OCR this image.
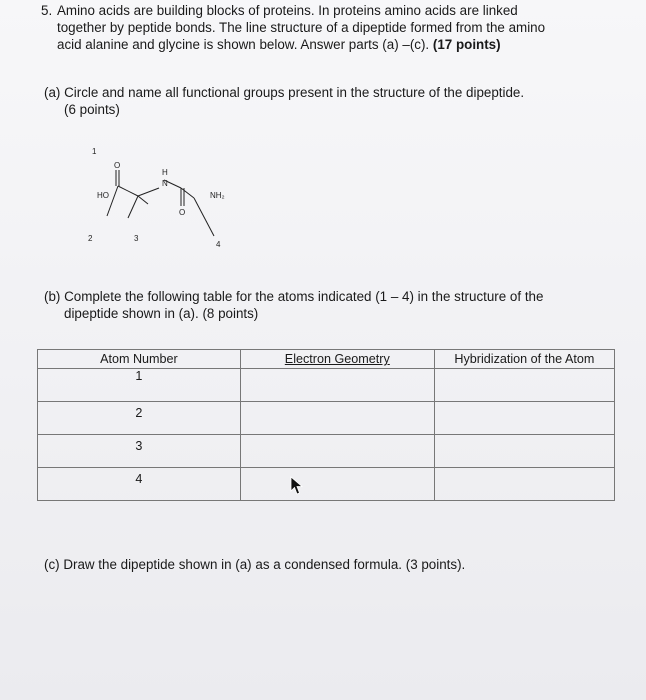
5. Amino acids are building blocks of proteins. In proteins amino acids are linked
together by peptide bonds. The line structure of a dipeptide formed from the amino
acid alanine and glycine is shown below. Answer parts (a) –(c). (17 points)
(a) Circle and name all functional groups present in the structure of the dipeptide.
(6 points)
1
O
HO
H
N
NH₂
O
2	3
4
(b) Complete the following table for the atoms indicated (1 – 4) in the structure of the
dipeptide shown in (a). (8 points)
Atom Number	Electron Geometry	Hybridization of the Atom
1		
2		
3		
4		
(c) Draw the dipeptide shown in (a) as a condensed formula. (3 points).
